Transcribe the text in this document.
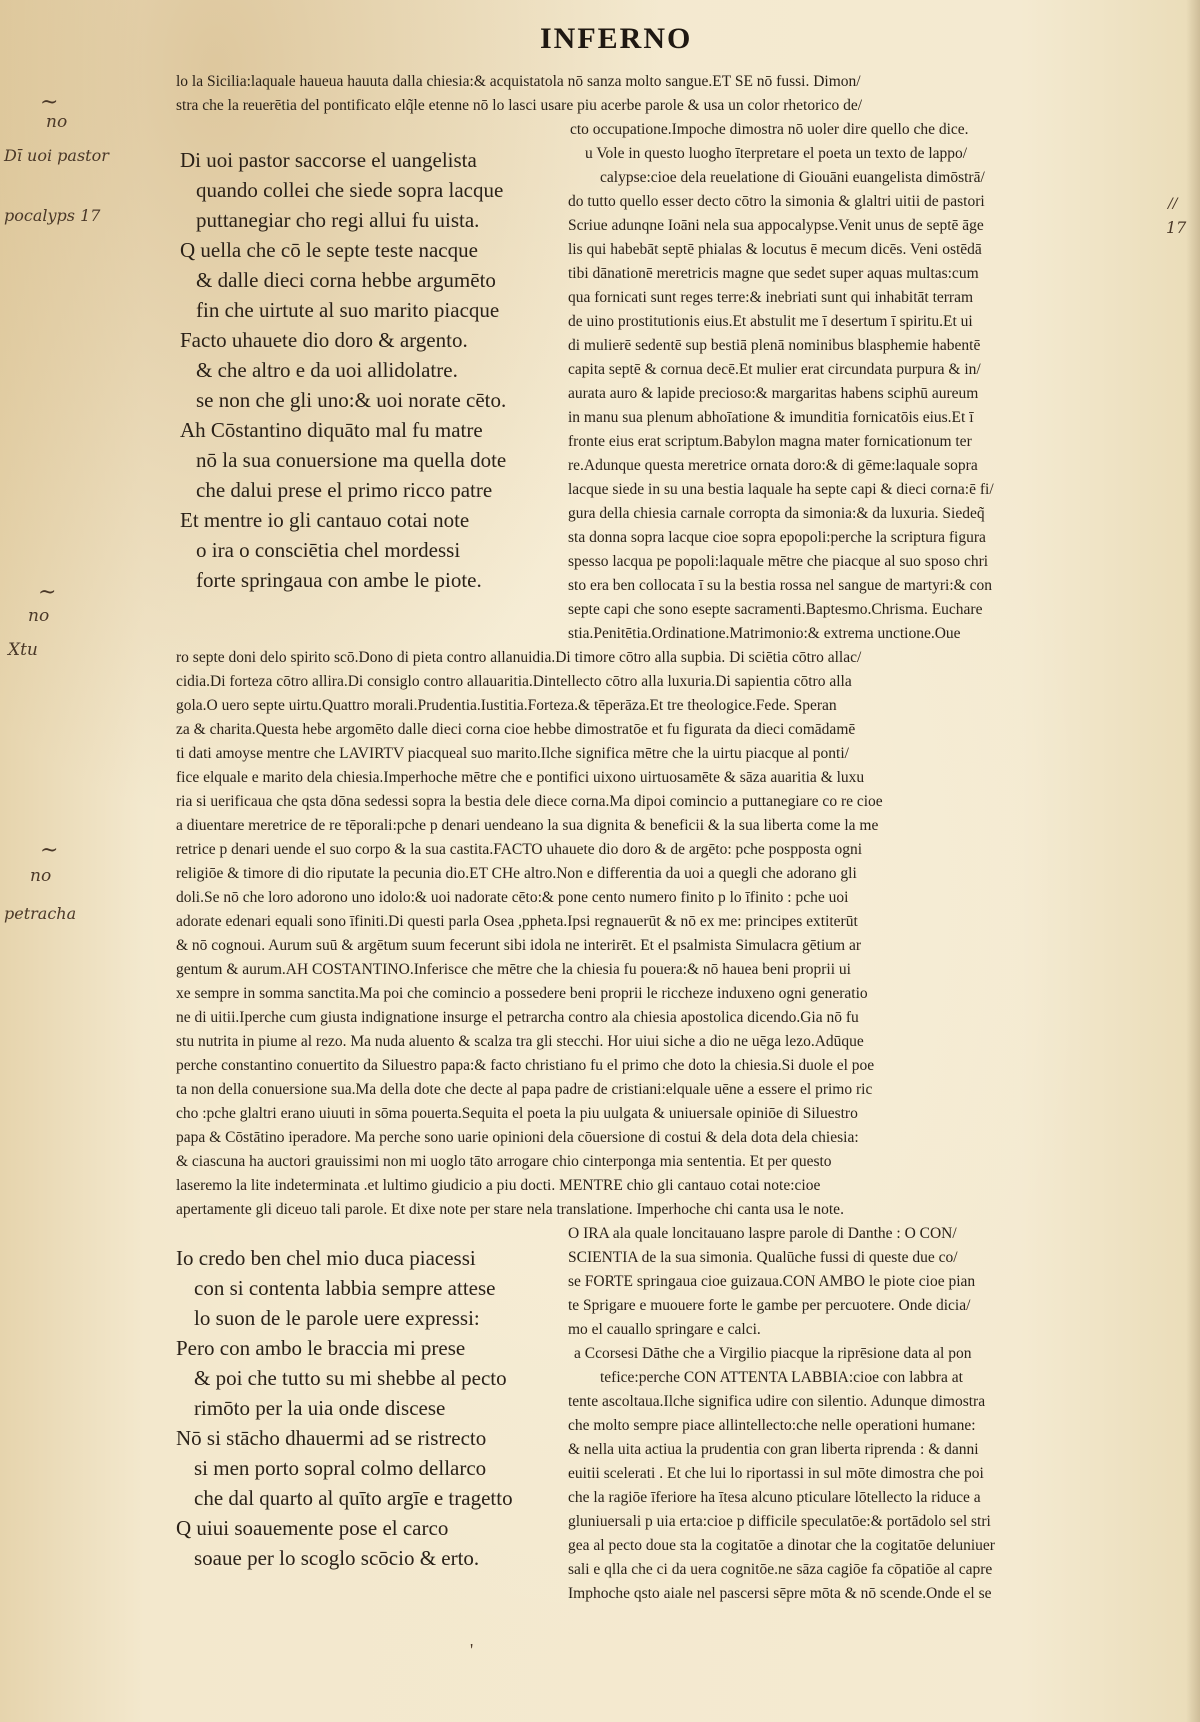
INFERNO
~
no
Dī uoi pastor
pocalyps 17
~
no
Xtu
~
no
petracha
17
//
lo la Sicilia:laquale haueua hauuta dalla chiesia:& acquistatola nō sanza molto sangue.ET SE nō fussi. Dimon/
stra che la reuerētia del pontificato elq̃le etenne nō lo lasci usare piu acerbe parole & usa un color rhetorico de/
cto occupatione.Impoche dimostra nō uoler dire quello che dice.
u Vole in questo luogho īterpretare el poeta un texto de lappo/
calypse:cioe dela reuelatione di Giouāni euangelista dimōstrā/
do tutto quello esser decto cōtro la simonia & glaltri uitii de pastori
Scriue adunqne Ioāni nela sua appocalypse.Venit unus de septē āge
lis qui habebāt septē phialas & locutus ē mecum dicēs. Veni ostēdā
tibi dānationē meretricis magne que sedet super aquas multas:cum
qua fornicati sunt reges terre:& inebriati sunt qui inhabitāt terram
de uino prostitutionis eius.Et abstulit me ī desertum ī spiritu.Et ui
di mulierē sedentē sup bestiā plenā nominibus blasphemie habentē
capita septē & cornua decē.Et mulier erat circundata purpura & in/
aurata auro & lapide precioso:& margaritas habens sciphū aureum
in manu sua plenum abhoīatione & imunditia fornicatōis eius.Et ī
fronte eius erat scriptum.Babylon magna mater fornicationum ter
re.Adunque questa meretrice ornata doro:& di gēme:laquale sopra
lacque siede in su una bestia laquale ha septe capi & dieci corna:ē fi/
gura della chiesia carnale corropta da simonia:& da luxuria. Siedeq̃
sta donna sopra lacque cioe sopra epopoli:perche la scriptura figura
spesso lacqua pe popoli:laquale mētre che piacque al suo sposo chri
sto era ben collocata ī su la bestia rossa nel sangue de martyri:& con
septe capi che sono esepte sacramenti.Baptesmo.Chrisma. Euchare
stia.Penitētia.Ordinatione.Matrimonio:& extrema unctione.Oue
Di uoi pastor saccorse el uangelista
quando collei che siede sopra lacque
puttanegiar cho regi allui fu uista.
Q uella che cō le septe teste nacque
& dalle dieci corna hebbe argumēto
fin che uirtute al suo marito piacque
Facto uhauete dio doro & argento.
& che altro e da uoi allidolatre.
se non che gli uno:& uoi norate cēto.
Ah Cōstantino diquāto mal fu matre
nō la sua conuersione ma quella dote
che dalui prese el primo ricco patre
Et mentre io gli cantauo cotai note
o ira o consciētia chel mordessi
forte springaua con ambe le piote.
ro septe doni delo spirito scō.Dono di pieta contro allanuidia.Di timore cōtro alla supbia. Di sciētia cōtro allac/
cidia.Di forteza cōtro allira.Di consiglo contro allauaritia.Dintellecto cōtro alla luxuria.Di sapientia cōtro alla
gola.O uero septe uirtu.Quattro morali.Prudentia.Iustitia.Forteza.& tēperāza.Et tre theologice.Fede. Speran
za & charita.Questa hebe argomēto dalle dieci corna cioe hebbe dimostratōe et fu figurata da dieci comādamē
ti dati amoyse mentre che LAVIRTV piacqueal suo marito.Ilche significa mētre che la uirtu piacque al ponti/
fice elquale e marito dela chiesia.Imperhoche mētre che e pontifici uixono uirtuosamēte & sāza auaritia & luxu
ria si uerificaua che qsta dōna sedessi sopra la bestia dele diece corna.Ma dipoi comincio a puttanegiare co re cioe
a diuentare meretrice de re tēporali:pche p denari uendeano la sua dignita & beneficii & la sua liberta come la me
retrice p denari uende el suo corpo & la sua castita.FACTO uhauete dio doro & de argēto: pche pospposta ogni
religiōe & timore di dio riputate la pecunia dio.ET CHe altro.Non e differentia da uoi a quegli che adorano gli
doli.Se nō che loro adorono uno idolo:& uoi nadorate cēto:& pone cento numero finito p lo īfinito : pche uoi
adorate edenari equali sono īfiniti.Di questi parla Osea ,ppheta.Ipsi regnauerūt & nō ex me: principes extiterūt
& nō cognoui. Aurum suū & argētum suum fecerunt sibi idola ne interirēt. Et el psalmista Simulacra gētium ar
gentum & aurum.AH COSTANTINO.Inferisce che mētre che la chiesia fu pouera:& nō hauea beni proprii ui
xe sempre in somma sanctita.Ma poi che comincio a possedere beni proprii le riccheze induxeno ogni generatio
ne di uitii.Iperche cum giusta indignatione insurge el petrarcha contro ala chiesia apostolica dicendo.Gia nō fu
stu nutrita in piume al rezo. Ma nuda aluento & scalza tra gli stecchi. Hor uiui siche a dio ne uēga lezo.Adūque
perche constantino conuertito da Siluestro papa:& facto christiano fu el primo che doto la chiesia.Si duole el poe
ta non della conuersione sua.Ma della dote che decte al papa padre de cristiani:elquale uēne a essere el primo ric
cho :pche glaltri erano uiuuti in sōma pouerta.Sequita el poeta la piu uulgata & uniuersale opiniōe di Siluestro
papa & Cōstātino iperadore. Ma perche sono uarie opinioni dela cōuersione di costui & dela dota dela chiesia:
& ciascuna ha auctori grauissimi non mi uoglo tāto arrogare chio cinterponga mia sententia. Et per questo
laseremo la lite indeterminata .et lultimo giudicio a piu docti. MENTRE chio gli cantauo cotai note:cioe
apertamente gli diceuo tali parole. Et dixe note per stare nela translatione. Imperhoche chi canta usa le note.
O IRA ala quale loncitauano laspre parole di Danthe : O CON/
SCIENTIA de la sua simonia. Qualūche fussi di queste due co/
se FORTE springaua cioe guizaua.CON AMBO le piote cioe pian
te Sprigare e muouere forte le gambe per percuotere. Onde dicia/
mo el cauallo springare e calci.
a Ccorsesi Dāthe che a Virgilio piacque la riprēsione data al pon
tefice:perche CON ATTENTA LABBIA:cioe con labbra at
tente ascoltaua.Ilche significa udire con silentio. Adunque dimostra
che molto sempre piace allintellecto:che nelle operationi humane:
& nella uita actiua la prudentia con gran liberta riprenda : & danni
euitii scelerati . Et che lui lo riportassi in sul mōte dimostra che poi
che la ragiōe īferiore ha ītesa alcuno pticulare lōtellecto la riduce a
gluniuersali p uia erta:cioe p difficile speculatōe:& portādolo sel stri
gea al pecto doue sta la cogitatōe a dinotar che la cogitatōe deluniuer
sali e qlla che ci da uera cognitōe.ne sāza cagiōe fa cōpatiōe al capre
Imphoche qsto aiale nel pascersi sēpre mōta & nō scende.Onde el se
Io credo ben chel mio duca piacessi
con si contenta labbia sempre attese
lo suon de le parole uere expressi:
Pero con ambo le braccia mi prese
& poi che tutto su mi shebbe al pecto
rimōto per la uia onde discese
Nō si stācho dhauermi ad se ristrecto
si men porto sopral colmo dellarco
che dal quarto al quīto argīe e tragetto
Q uiui soauemente pose el carco
soaue per lo scoglo scōcio & erto.
'
